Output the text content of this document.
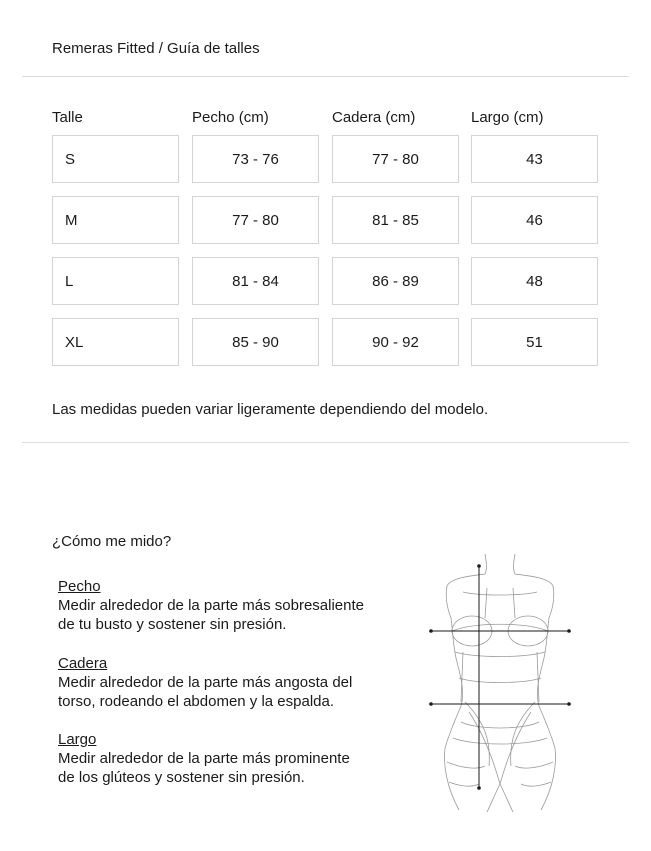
Remeras Fitted / Guía de talles
Talle	Pecho (cm)	Cadera (cm)	Largo (cm)
S	73 - 76	77 - 80	43
M	77 - 80	81 - 85	46
L	81 - 84	86 - 89	48
XL	85 - 90	90 - 92	51
Las medidas pueden variar ligeramente dependiendo del modelo.
¿Cómo me mido?
Pecho
Medir alrededor de la parte más sobresaliente
de tu busto y sostener sin presión.
Cadera
Medir alrededor de la parte más angosta del
torso, rodeando el abdomen y la espalda.
Largo
Medir alrededor de la parte más prominente
de los glúteos y sostener sin presión.
